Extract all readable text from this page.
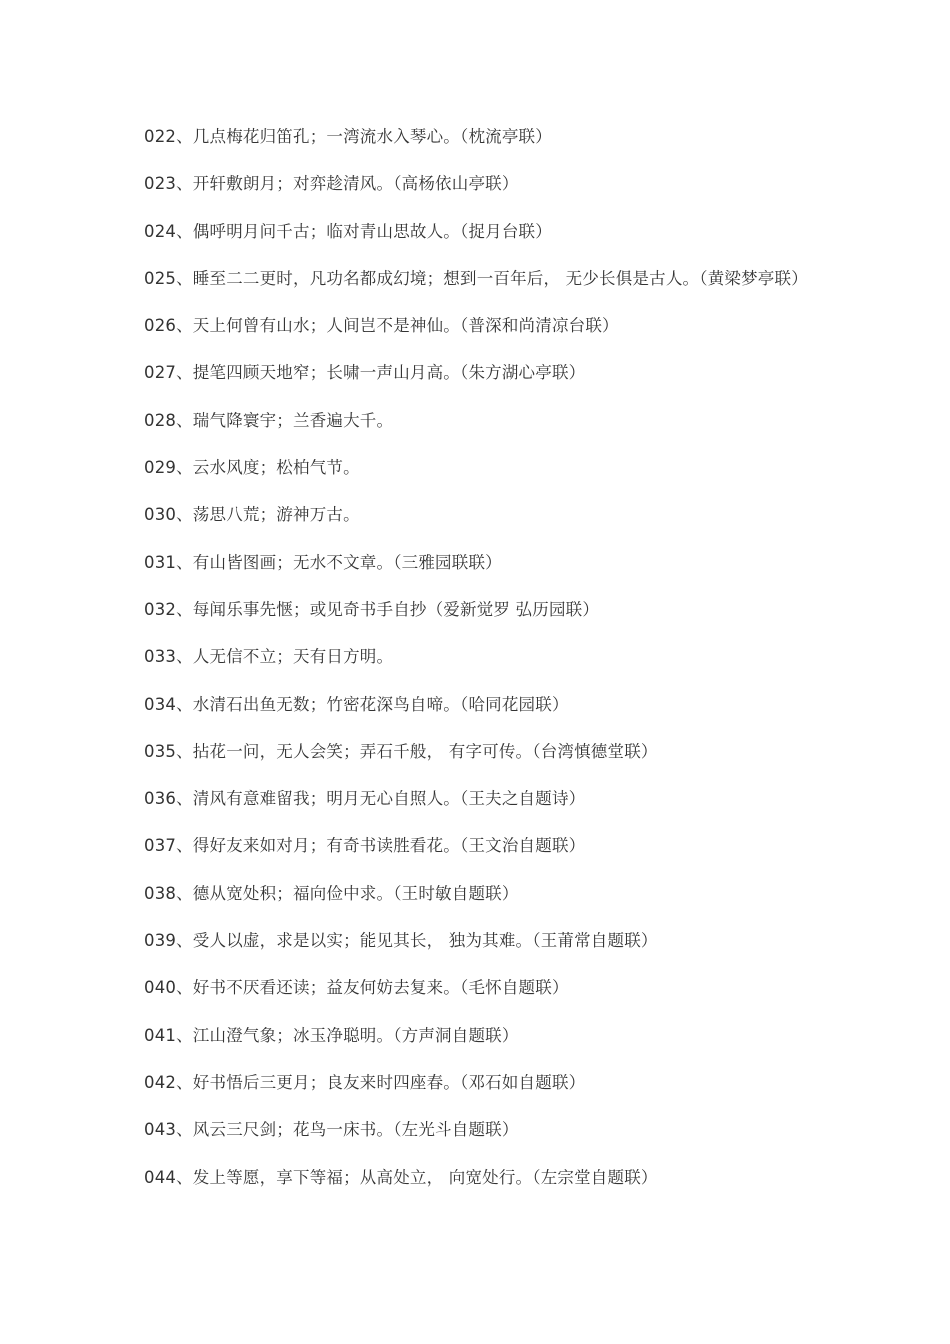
022、几点梅花归笛孔；一湾流水入琴心。（枕流亭联）
023、开轩敷朗月；对弈趁清风。（高杨依山亭联）
024、偶呼明月问千古；临对青山思故人。（捉月台联）
025、睡至二二更时，凡功名都成幻境；想到一百年后， 无少长俱是古人。（黄梁梦亭联）
026、天上何曾有山水；人间岂不是神仙。（普深和尚清凉台联）
027、提笔四顾天地窄；长啸一声山月高。（朱方湖心亭联）
028、瑞气降寰宇；兰香遍大千。
029、云水风度；松柏气节。
030、荡思八荒；游神万古。
031、有山皆图画；无水不文章。（三雅园联联）
032、每闻乐事先惬；或见奇书手自抄（爱新觉罗 弘历园联）
033、人无信不立；天有日方明。
034、水清石出鱼无数；竹密花深鸟自啼。（哈同花园联）
035、拈花一问，无人会笑；弄石千般， 有字可传。（台湾慎德堂联）
036、清风有意难留我；明月无心自照人。（王夫之自题诗）
037、得好友来如对月；有奇书读胜看花。（王文治自题联）
038、德从宽处积；福向俭中求。（王时敏自题联）
039、受人以虚，求是以实；能见其长， 独为其难。（王莆常自题联）
040、好书不厌看还读；益友何妨去复来。（毛怀自题联）
041、江山澄气象；冰玉净聪明。（方声洞自题联）
042、好书悟后三更月；良友来时四座春。（邓石如自题联）
043、风云三尺剑；花鸟一床书。（左光斗自题联）
044、发上等愿，享下等福；从高处立， 向宽处行。（左宗堂自题联）
